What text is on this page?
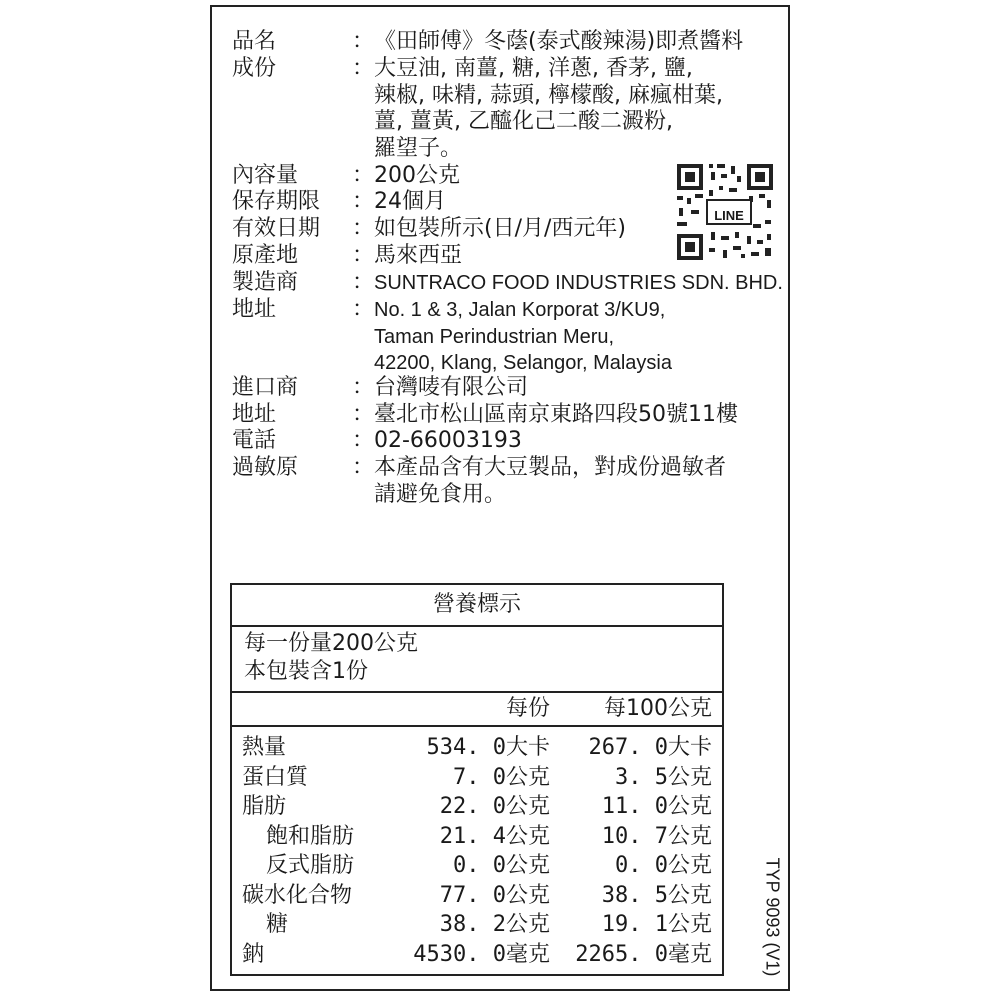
品名	： 《田師傅》冬蔭(泰式酸辣湯)即煮醬料
成份	： 大豆油, 南薑, 糖, 洋蔥, 香茅, 鹽,
辣椒, 味精, 蒜頭, 檸檬酸, 麻瘋柑葉,
薑, 薑黃, 乙醯化己二酸二澱粉,
羅望子。
內容量	： 200公克
保存期限	： 24個月
有效日期	： 如包裝所示(日/月/西元年)
原產地	： 馬來西亞
製造商	： SUNTRACO FOOD INDUSTRIES SDN. BHD.
地址	： No. 1 & 3, Jalan Korporat 3/KU9,
Taman Perindustrian Meru,
42200, Klang, Selangor, Malaysia
進口商	： 台灣唛有限公司
地址	： 臺北市松山區南京東路四段50號11樓
電話	： 02-66003193
過敏原	： 本產品含有大豆製品，對成份過敏者
請避免食用。
LINE
營養標示
每一份量200公克
本包裝含1份
每份 每100公克
熱量	534. 0大卡 267. 0大卡
蛋白質	7. 0公克	3. 5公克
脂肪	22. 0公克 11. 0公克
飽和脂肪	21. 4公克 10. 7公克
反式脂肪	0. 0公克	0. 0公克
碳水化合物	77. 0公克 38. 5公克
糖	38. 2公克 19. 1公克
鈉	4530. 0毫克 2265. 0毫克	TYP 9093 (V1)
